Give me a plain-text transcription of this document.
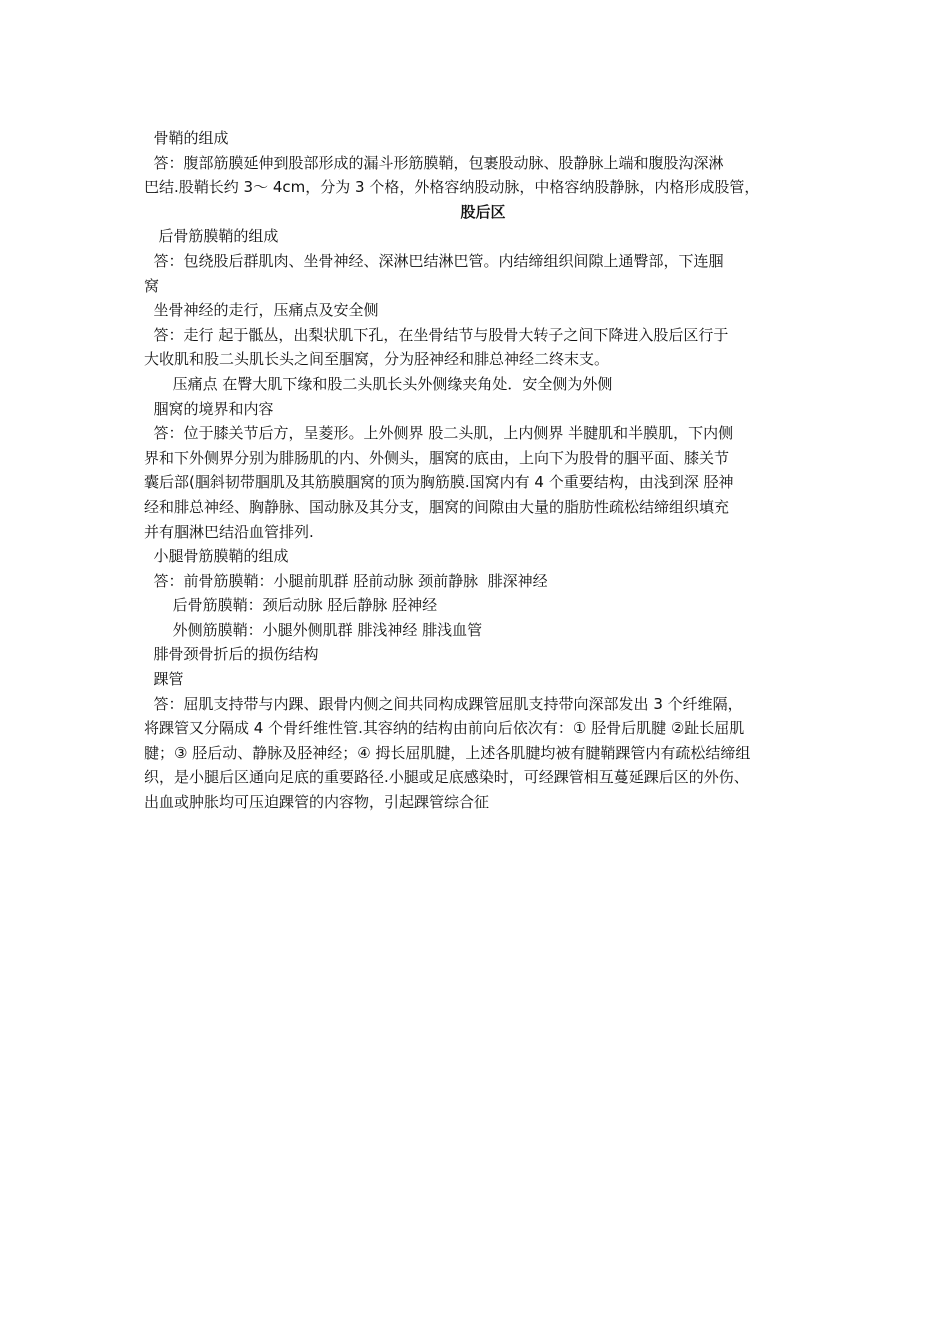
骨鞘的组成

答：腹部筋膜延伸到股部形成的漏斗形筋膜鞘，包裹股动脉、股静脉上端和腹股沟深淋

巴结.股鞘长约 3～ 4cm，分为 3 个格，外格容纳股动脉，中格容纳股静脉，内格形成股管，

股后区

后骨筋膜鞘的组成

答：包绕股后群肌肉、坐骨神经、深淋巴结淋巴管。内结缔组织间隙上通臀部，下连腘

窝

坐骨神经的走行，压痛点及安全侧

答：走行 起于骶丛，出梨状肌下孔，在坐骨结节与股骨大转子之间下降进入股后区行于

大收肌和股二头肌长头之间至腘窝，分为胫神经和腓总神经二终末支。

压痛点 在臀大肌下缘和股二头肌长头外侧缘夹角处．安全侧为外侧

腘窝的境界和内容

答：位于膝关节后方，呈菱形。上外侧界 股二头肌，上内侧界 半腱肌和半膜肌，下内侧

界和下外侧界分别为腓肠肌的内、外侧头，腘窝的底由，上向下为股骨的腘平面、膝关节

囊后部(腘斜韧带腘肌及其筋膜腘窝的顶为胸筋膜.国窝内有 4 个重要结构，由浅到深 胫神

经和腓总神经、胸静脉、国动脉及其分支，腘窝的间隙由大量的脂肪性疏松结缔组织填充

并有腘淋巴结沿血管排列.

小腿骨筋膜鞘的组成

答：前骨筋膜鞘：小腿前肌群 胫前动脉 颈前静脉  腓深神经

后骨筋膜鞘：颈后动脉 胫后静脉 胫神经

外侧筋膜鞘：小腿外侧肌群 腓浅神经 腓浅血管

腓骨颈骨折后的损伤结构

踝管

答：屈肌支持带与内踝、跟骨内侧之间共同构成踝管屈肌支持带向深部发出 3 个纤维隔，

将踝管又分隔成 4 个骨纤维性管.其容纳的结构由前向后依次有：① 胫骨后肌腱 ②趾长屈肌

腱；③ 胫后动、静脉及胫神经；④ 拇长屈肌腱，上述各肌腱均被有腱鞘踝管内有疏松结缔组

织，是小腿后区通向足底的重要路径.小腿或足底感染时，可经踝管相互蔓延踝后区的外伤、

出血或肿胀均可压迫踝管的内容物，引起踝管综合征
